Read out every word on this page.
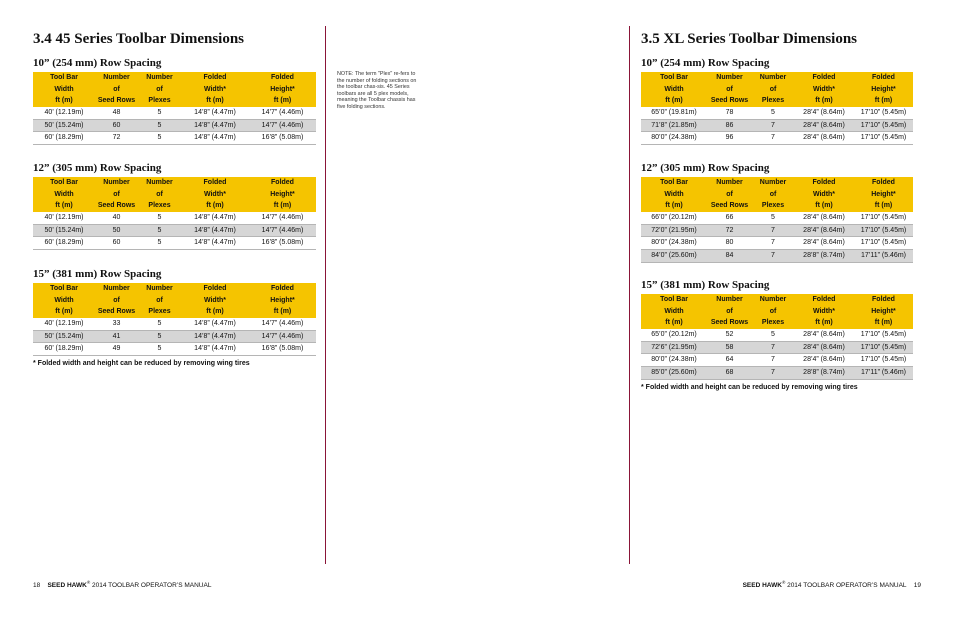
3.4 45 Series Toolbar Dimensions
10” (254 mm) Row Spacing
Tool Bar	Number	Number	Folded	Folded
Width	of	of	Width*	Height*
ft (m)	Seed Rows	Plexes	ft (m)	ft (m)
40’ (12.19m)	48	5	14’8” (4.47m)	14’7” (4.46m)
50’ (15.24m)	60	5	14’8” (4.47m)	14’7” (4.46m)
60’ (18.29m)	72	5	14’8” (4.47m)	16’8” (5.08m)
12” (305 mm) Row Spacing
Tool Bar	Number	Number	Folded	Folded
Width	of	of	Width*	Height*
ft (m)	Seed Rows	Plexes	ft (m)	ft (m)
40’ (12.19m)	40	5	14’8” (4.47m)	14’7” (4.46m)
50’ (15.24m)	50	5	14’8” (4.47m)	14’7” (4.46m)
60’ (18.29m)	60	5	14’8” (4.47m)	16’8” (5.08m)
15” (381 mm) Row Spacing
Tool Bar	Number	Number	Folded	Folded
Width	of	of	Width*	Height*
ft (m)	Seed Rows	Plexes	ft (m)	ft (m)
40’ (12.19m)	33	5	14’8” (4.47m)	14’7” (4.46m)
50’ (15.24m)	41	5	14’8” (4.47m)	14’7” (4.46m)
60’ (18.29m)	49	5	14’8” (4.47m)	16’8” (5.08m)
* Folded width and height can be reduced by removing wing tires
NOTE: The term "Plex" re-fers to the number of folding sections on the toolbar chas-sis. 45 Series toolbars are all 5 plex models, meaning the Toolbar chassis has five folding sections.
3.5 XL Series Toolbar Dimensions
10” (254 mm) Row Spacing
Tool Bar	Number	Number	Folded	Folded
Width	of	of	Width*	Height*
ft (m)	Seed Rows	Plexes	ft (m)	ft (m)
65’0” (19.81m)	78	5	28’4” (8.64m)	17’10” (5.45m)
71’8” (21.85m)	86	7	28’4” (8.64m)	17’10” (5.45m)
80’0” (24.38m)	96	7	28’4” (8.64m)	17’10” (5.45m)
12” (305 mm) Row Spacing
Tool Bar	Number	Number	Folded	Folded
Width	of	of	Width*	Height*
ft (m)	Seed Rows	Plexes	ft (m)	ft (m)
66’0” (20.12m)	66	5	28’4” (8.64m)	17’10” (5.45m)
72’0” (21.95m)	72	7	28’4” (8.64m)	17’10” (5.45m)
80’0” (24.38m)	80	7	28’4” (8.64m)	17’10” (5.45m)
84’0” (25.60m)	84	7	28’8” (8.74m)	17’11” (5.46m)
15” (381 mm) Row Spacing
Tool Bar	Number	Number	Folded	Folded
Width	of	of	Width*	Height*
ft (m)	Seed Rows	Plexes	ft (m)	ft (m)
65’0” (20.12m)	52	5	28’4” (8.64m)	17’10” (5.45m)
72’6” (21.95m)	58	7	28’4” (8.64m)	17’10” (5.45m)
80’0” (24.38m)	64	7	28’4” (8.64m)	17’10” (5.45m)
85’0” (25.60m)	68	7	28’8” (8.74m)	17’11” (5.46m)
* Folded width and height can be reduced by removing wing tires
18 SEED HAWK® 2014 TOOLBAR OPERATOR’S MANUAL	SEED HAWK® 2014 TOOLBAR OPERATOR’S MANUAL 19
